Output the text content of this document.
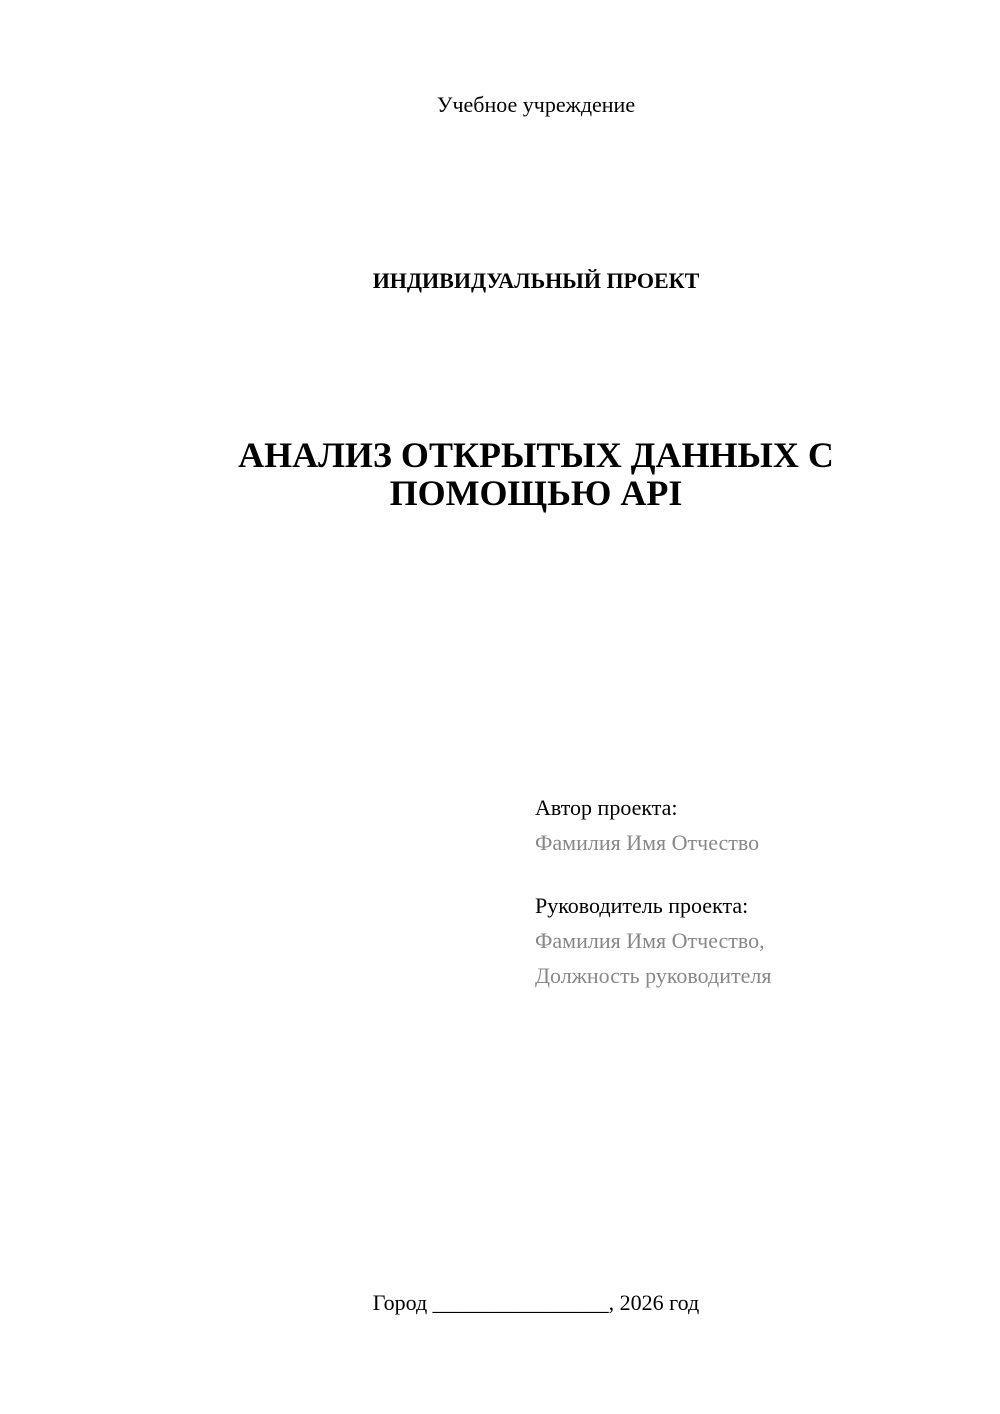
Учебное учреждение
ИНДИВИДУАЛЬНЫЙ ПРОЕКТ
АНАЛИЗ ОТКРЫТЫХ ДАННЫХ С
ПОМОЩЬЮ API
Автор проекта:
Фамилия Имя Отчество
Руководитель проекта:
Фамилия Имя Отчество,
Должность руководителя
Город ________________, 2026 год
